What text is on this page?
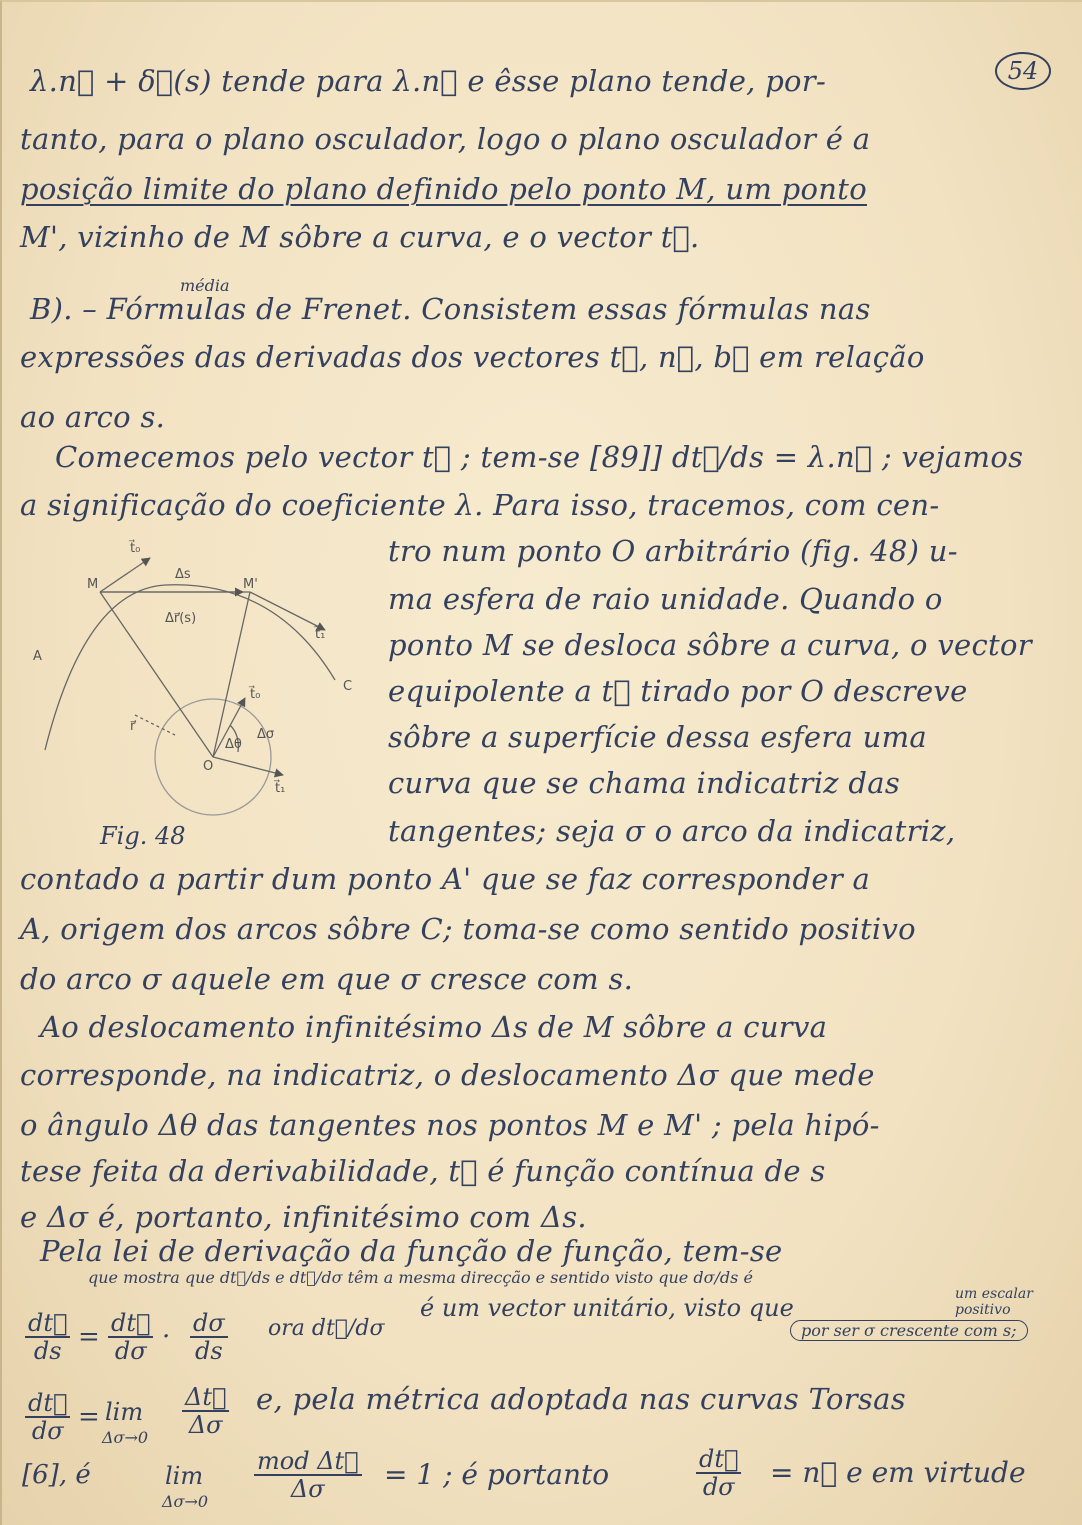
54
λ.n⃗ + δ⃗(s) tende para λ.n⃗ e êsse plano tende, por-
tanto, para o plano osculador, logo o plano osculador é a
posição limite do plano definido pelo ponto M, um ponto
M', vizinho de M sôbre a curva, e o vector t⃗.
média
B). – Fórmulas de Frenet. Consistem essas fórmulas nas
expressões das derivadas dos vectores t⃗, n⃗, b⃗ em relação
ao arco s.
Comecemos pelo vector t⃗ ; tem-se [89]] dt⃗/ds = λ.n⃗ ; vejamos
a significação do coeficiente λ. Para isso, tracemos, com cen-
tro num ponto O arbitrário (fig. 48) u-
ma esfera de raio unidade. Quando o
ponto M se desloca sôbre a curva, o vector
equipolente a t⃗ tirado por O descreve
sôbre a superfície dessa esfera uma
curva que se chama indicatriz das
tangentes; seja σ o arco da indicatriz,
contado a partir dum ponto A' que se faz corresponder a
A, origem dos arcos sôbre C; toma-se como sentido positivo
do arco σ aquele em que σ cresce com s.
Ao deslocamento infinitésimo Δs de M sôbre a curva
corresponde, na indicatriz, o deslocamento Δσ que mede
o ângulo Δθ das tangentes nos pontos M e M' ; pela hipó-
tese feita da derivabilidade, t⃗ é função contínua de s
e Δσ é, portanto, infinitésimo com Δs.
Pela lei de derivação da função de função, tem-se
que mostra que dt⃗/ds e dt⃗/dσ têm a mesma direcção e sentido visto que dσ/ds é
ora dt⃗/dσ
é um vector unitário, visto que	um escalar positivo
por ser σ crescente com s;
$\frac{dt⃗}{ds} = \frac{dt⃗}{d\sigma} \cdot \frac{d\sigma}{ds}$
$\frac{dt⃗}{d\sigma} = \lim$
$\Delta\sigma\to 0 \frac{\Delta t⃗}{\Delta\sigma} e$, pela métrica adoptada nas curvas Torsas
[6], é	lim
Δσ→0
mod Δt⃗
Δσ	= 1 ; é portanto	$\frac{dt⃗}{d\sigma}$ = n⃗ e em virtude
M	M'
Δs
Δr⃗(s)
t⃗₀
t⃗₁
A
C
t⃗₀
Δθ
Δσ
O
t⃗₁
r⃗
Fig. 48
